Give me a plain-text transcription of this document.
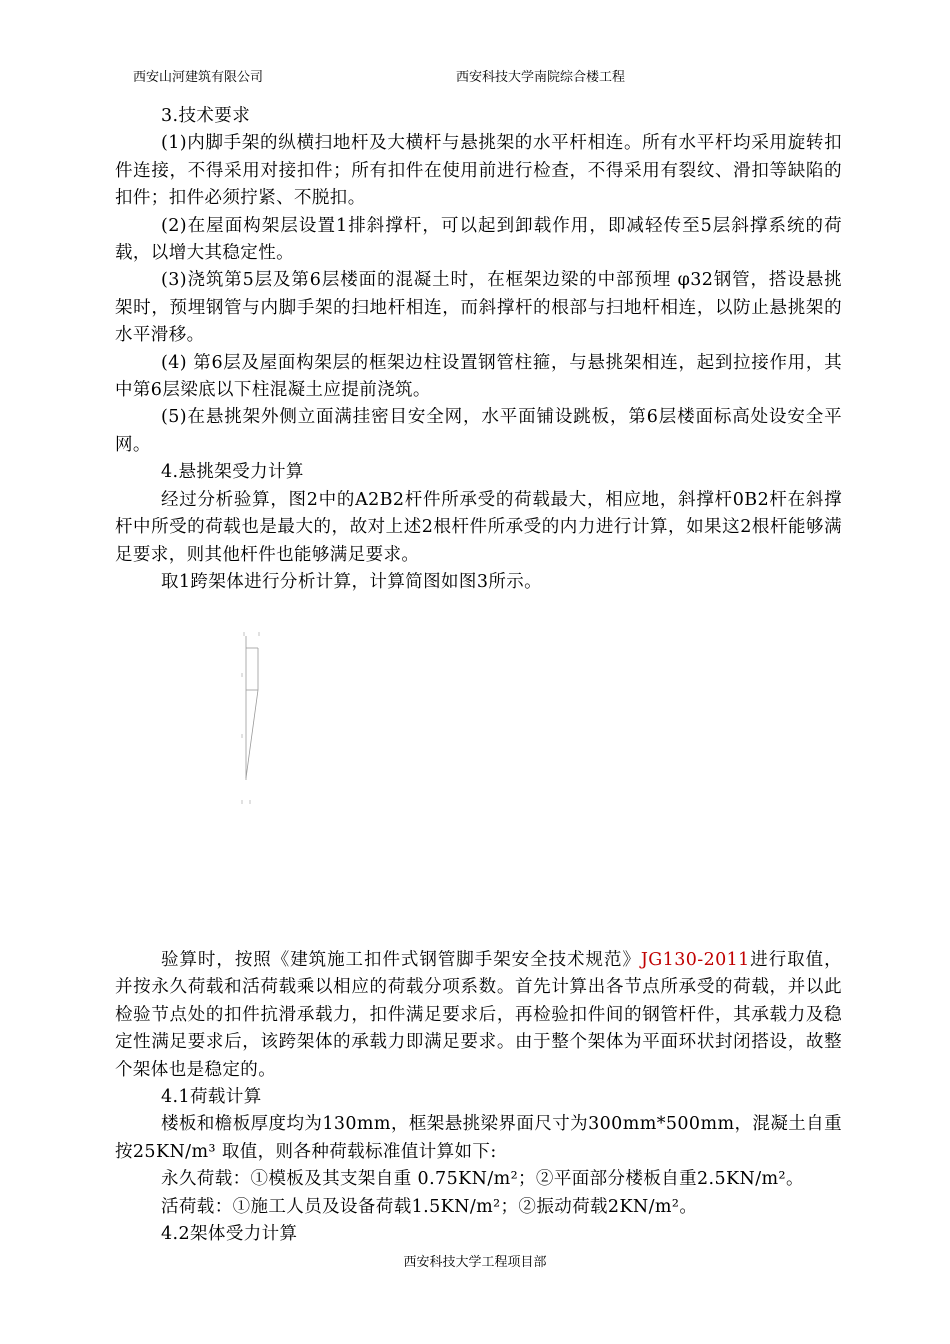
西安山河建筑有限公司	西安科技大学南院综合楼工程

3.技术要求

(1)内脚手架的纵横扫地杆及大横杆与悬挑架的水平杆相连。所有水平杆均采用旋转扣件连接，不得采用对接扣件；所有扣件在使用前进行检查，不得采用有裂纹、滑扣等缺陷的扣件；扣件必须拧紧、不脱扣。

(2)在屋面构架层设置1排斜撑杆，可以起到卸载作用，即减轻传至5层斜撑系统的荷载，以增大其稳定性。

(3)浇筑第5层及第6层楼面的混凝土时，在框架边梁的中部预埋 φ32钢管，搭设悬挑架时，预埋钢管与内脚手架的扫地杆相连，而斜撑杆的根部与扫地杆相连，以防止悬挑架的水平滑移。

(4) 第6层及屋面构架层的框架边柱设置钢管柱箍，与悬挑架相连，起到拉接作用，其中第6层梁底以下柱混凝土应提前浇筑。

(5)在悬挑架外侧立面满挂密目安全网，水平面铺设跳板，第6层楼面标高处设安全平网。

4.悬挑架受力计算

经过分析验算，图2中的A2B2杆件所承受的荷载最大，相应地，斜撑杆0B2杆在斜撑杆中所受的荷载也是最大的，故对上述2根杆件所承受的内力进行计算，如果这2根杆能够满足要求，则其他杆件也能够满足要求。

取1跨架体进行分析计算，计算简图如图3所示。

验算时，按照《建筑施工扣件式钢管脚手架安全技术规范》JG130-2011进行取值，并按永久荷载和活荷载乘以相应的荷载分项系数。首先计算出各节点所承受的荷载，并以此检验节点处的扣件抗滑承载力，扣件满足要求后，再检验扣件间的钢管杆件，其承载力及稳定性满足要求后，该跨架体的承载力即满足要求。由于整个架体为平面环状封闭搭设，故整个架体也是稳定的。

4.1荷载计算

楼板和檐板厚度均为130mm，框架悬挑梁界面尺寸为300mm*500mm，混凝土自重按25KN/m³ 取值，则各种荷载标准值计算如下:

永久荷载：①模板及其支架自重 0.75KN/m²；②平面部分楼板自重2.5KN/m²。

活荷载：①施工人员及设备荷载1.5KN/m²；②振动荷载2KN/m²。

4.2架体受力计算

西安科技大学工程项目部
